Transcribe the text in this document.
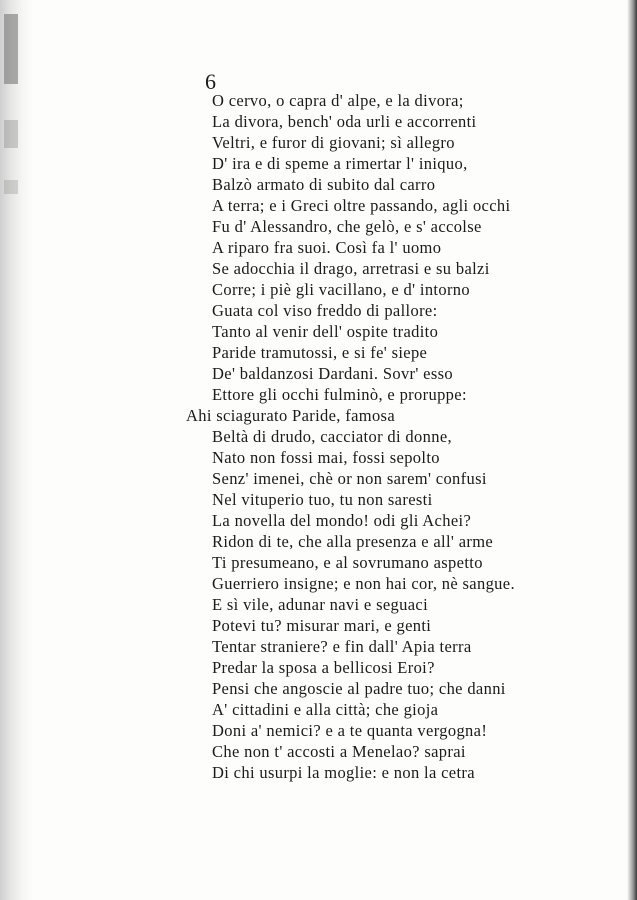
6
O cervo, o capra d' alpe, e la divora;
La divora, bench' oda urli e accorrenti
Veltri, e furor di giovani; sì allegro
D' ira e di speme a rimertar l' iniquo,
Balzò armato di subito dal carro
A terra; e i Greci oltre passando, agli occhi
Fu d' Alessandro, che gelò, e s' accolse
A riparo fra suoi. Così fa l' uomo
Se adocchia il drago, arretrasi e su balzi
Corre; i piè gli vacillano, e d' intorno
Guata col viso freddo di pallore:
Tanto al venir dell' ospite tradito
Paride tramutossi, e si fe' siepe
De' baldanzosi Dardani. Sovr' esso
Ettore gli occhi fulminò, e proruppe:
Ahi sciagurato Paride, famosa
Beltà di drudo, cacciator di donne,
Nato non fossi mai, fossi sepolto
Senz' imenei, chè or non sarem' confusi
Nel vituperio tuo, tu non saresti
La novella del mondo! odi gli Achei?
Ridon di te, che alla presenza e all' arme
Ti presumeano, e al sovrumano aspetto
Guerriero insigne; e non hai cor, nè sangue.
E sì vile, adunar navi e seguaci
Potevi tu? misurar mari, e genti
Tentar straniere? e fin dall' Apia terra
Predar la sposa a bellicosi Eroi?
Pensi che angoscie al padre tuo; che danni
A' cittadini e alla città; che gioja
Doni a' nemici? e a te quanta vergogna!
Che non t' accosti a Menelao? saprai
Di chi usurpi la moglie: e non la cetra
